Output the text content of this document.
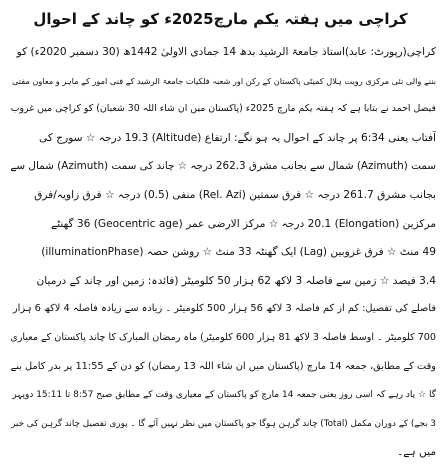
کراچی میں ہفتہ یکم مارچ2025ء کو چاند کے احوال
کراچی(رپورٹ: عابد)استاذ جامعۃ الرشید بدھ 14 جمادی الاولیٰ 1442ھ (30 دسمبر 2020ء) کو
بننے والی نئی مرکزی رویت ہلال کمیٹی پاکستان کے رکن اور شعبہ فلکیات جامعۃ الرشید کے فنی امور کے ماہر و معاون مفتی
فیصل احمد نے بتایا ہے کہ ہفتہ یکم مارچ 2025ء (پاکستان میں ان شاء اللہ 30 شعبان) کو کراچی میں غروب
آفتاب یعنی 6:34 پر چاند کے احوال یہ ہو نگے: ارتفاع (Altitude) 19.3 درجہ ☆ سورج کی
سمت (Azimuth) شمال سے بجانب مشرق 262.3 درجہ ☆ چاند کی سمت (Azimuth) شمال سے
بجانب مشرق 261.7 درجہ ☆ فرق سمتین (Rel. Azi) منفی (0.5) درجہ ☆ فرق زاویہ/فرق
مرکزین (Elongation) 20.1 درجہ ☆ مرکز الارضی عمر (Geocentric age) 36 گھنٹے
49 منٹ ☆ فرق غروبین (Lag) ایک گھنٹہ 33 منٹ ☆ روشن حصہ (illuminationPhase)
3.4 فیصد ☆ زمین سے فاصلہ 3 لاکھ 62 ہزار 50 کلومیٹر (فائدہ: زمین اور چاند کے درمیان
فاصلے کی تفصیل: کم از کم فاصلہ 3 لاکھ 56 ہزار 500 کلومیٹر ۔ زیادہ سے زیادہ فاصلہ 4 لاکھ 6 ہزار
700 کلومیٹر ۔ اوسط فاصلہ 3 لاکھ 81 ہزار 600 کلومیٹر) ماہ رمضان المبارک کا چاند پاکستان کے معیاری
وقت کے مطابق، جمعہ 14 مارچ (پاکستان میں ان شاء اللہ 13 رمضان) کو دن کے 11:55 پر بدر کامل بنے
گا ☆ یاد رہے کہ اسی روز یعنی جمعہ 14 مارچ کو پاکستان کے معیاری وقت کے مطابق صبح 8:57 تا 15:11 دوپہر
3 بجے) کے دوران مکمل (Total) چاند گرہن ہوگا جو پاکستان میں نظر نہیں آئے گا ۔ پوری تفصیل چاند گرہن کی خبر
میں ہے۔
